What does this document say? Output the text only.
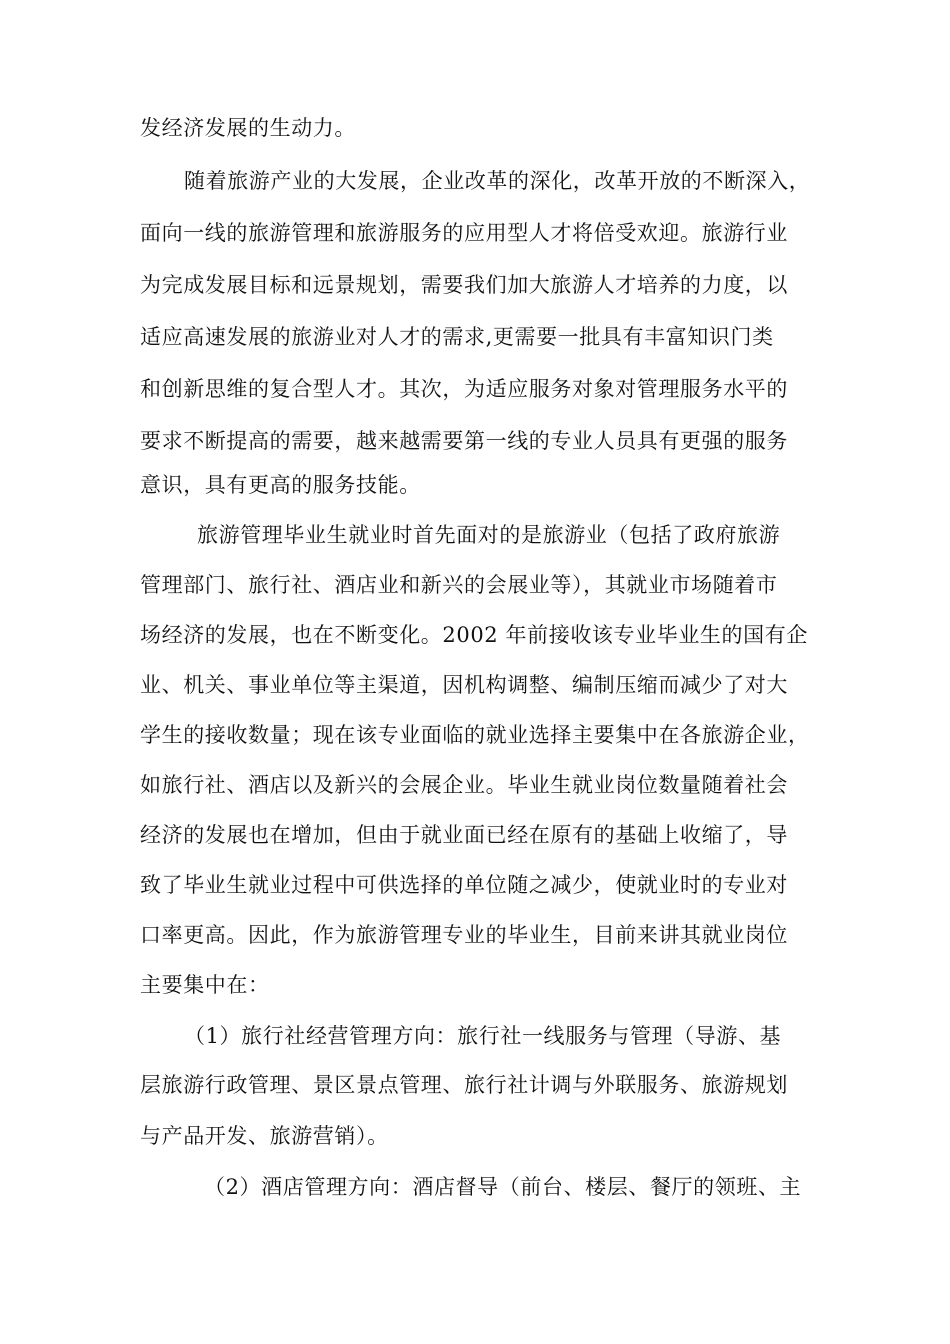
发经济发展的生动力。
随着旅游产业的大发展，企业改革的深化，改革开放的不断深入，
面向一线的旅游管理和旅游服务的应用型人才将倍受欢迎。旅游行业
为完成发展目标和远景规划，需要我们加大旅游人才培养的力度，以
适应高速发展的旅游业对人才的需求,更需要一批具有丰富知识门类
和创新思维的复合型人才。其次，为适应服务对象对管理服务水平的
要求不断提高的需要，越来越需要第一线的专业人员具有更强的服务
意识，具有更高的服务技能。
旅游管理毕业生就业时首先面对的是旅游业（包括了政府旅游
管理部门、旅行社、酒店业和新兴的会展业等），其就业市场随着市
场经济的发展，也在不断变化。2002 年前接收该专业毕业生的国有企
业、机关、事业单位等主渠道，因机构调整、编制压缩而减少了对大
学生的接收数量；现在该专业面临的就业选择主要集中在各旅游企业，
如旅行社、酒店以及新兴的会展企业。毕业生就业岗位数量随着社会
经济的发展也在增加，但由于就业面已经在原有的基础上收缩了，导
致了毕业生就业过程中可供选择的单位随之减少，使就业时的专业对
口率更高。因此，作为旅游管理专业的毕业生，目前来讲其就业岗位
主要集中在：
（1）旅行社经营管理方向：旅行社一线服务与管理（导游、基
层旅游行政管理、景区景点管理、旅行社计调与外联服务、旅游规划
与产品开发、旅游营销）。
（2）酒店管理方向：酒店督导（前台、楼层、餐厅的领班、主
